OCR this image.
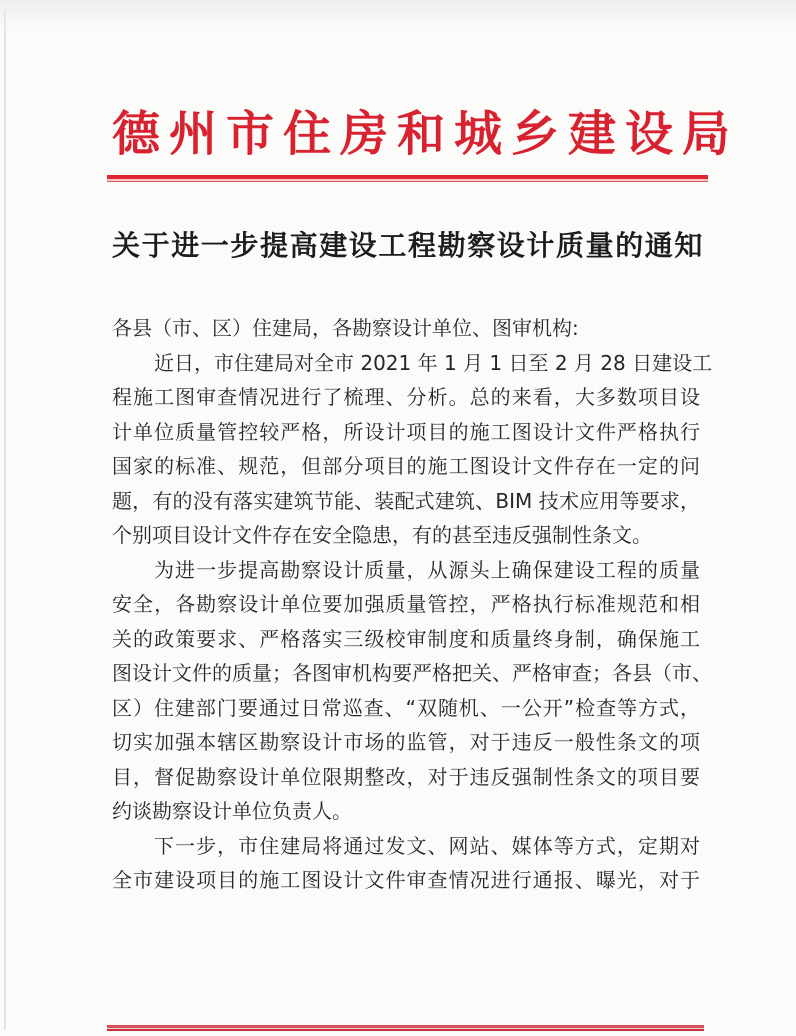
德州市住房和城乡建设局
关于进一步提高建设工程勘察设计质量的通知

各县（市、区）住建局，各勘察设计单位、图审机构:

近日，市住建局对全市 2021 年 1 月 1 日至 2 月 28 日建设工
程施工图审查情况进行了梳理、分析。总的来看，大多数项目设
计单位质量管控较严格，所设计项目的施工图设计文件严格执行
国家的标准、规范，但部分项目的施工图设计文件存在一定的问
题，有的没有落实建筑节能、装配式建筑、BIM 技术应用等要求，
个别项目设计文件存在安全隐患，有的甚至违反强制性条文。

为进一步提高勘察设计质量，从源头上确保建设工程的质量
安全，各勘察设计单位要加强质量管控，严格执行标准规范和相
关的政策要求、严格落实三级校审制度和质量终身制，确保施工
图设计文件的质量；各图审机构要严格把关、严格审查；各县（市、
区）住建部门要通过日常巡查、“双随机、一公开”检查等方式，
切实加强本辖区勘察设计市场的监管，对于违反一般性条文的项
目，督促勘察设计单位限期整改，对于违反强制性条文的项目要
约谈勘察设计单位负责人。

下一步，市住建局将通过发文、网站、媒体等方式，定期对
全市建设项目的施工图设计文件审查情况进行通报、曝光，对于
